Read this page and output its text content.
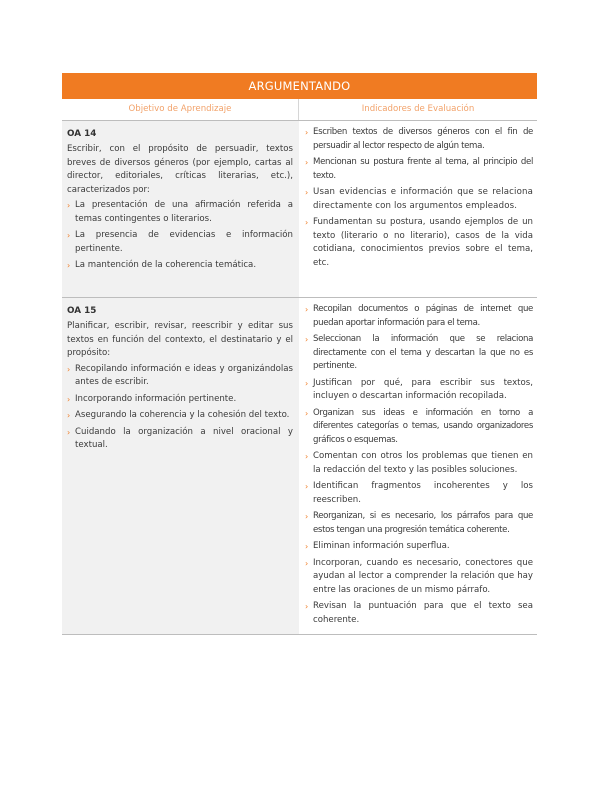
ARGUMENTANDO
Objetivo de Aprendizaje	Indicadores de Evaluación
OA 14
Escribir, con el propósito de persuadir, textos breves de diversos géneros (por ejemplo, cartas al director, editoriales, críticas literarias, etc.), caracterizados por:
› La presentación de una afirmación referida a temas contingentes o literarios.
› La presencia de evidencias e información pertinente.
› La mantención de la coherencia temática.
› Escriben textos de diversos géneros con el fin de persuadir al lector respecto de algún tema.
› Mencionan su postura frente al tema, al principio del texto.
› Usan evidencias e información que se relaciona directamente con los argumentos empleados.
› Fundamentan su postura, usando ejemplos de un texto (literario o no literario), casos de la vida cotidiana, conocimientos previos sobre el tema, etc.
OA 15
Planificar, escribir, revisar, reescribir y editar sus textos en función del contexto, el destinatario y el propósito:
› Recopilando información e ideas y organizándolas antes de escribir.
› Incorporando información pertinente.
› Asegurando la coherencia y la cohesión del texto.
› Cuidando la organización a nivel oracional y textual.
› Recopilan documentos o páginas de internet que puedan aportar información para el tema.
› Seleccionan la información que se relaciona directamente con el tema y descartan la que no es pertinente.
› Justifican por qué, para escribir sus textos, incluyen o descartan información recopilada.
› Organizan sus ideas e información en torno a diferentes categorías o temas, usando organizadores gráficos o esquemas.
› Comentan con otros los problemas que tienen en la redacción del texto y las posibles soluciones.
› Identifican fragmentos incoherentes y los reescriben.
› Reorganizan, si es necesario, los párrafos para que estos tengan una progresión temática coherente.
› Eliminan información superflua.
› Incorporan, cuando es necesario, conectores que ayudan al lector a comprender la relación que hay entre las oraciones de un mismo párrafo.
› Revisan la puntuación para que el texto sea coherente.
